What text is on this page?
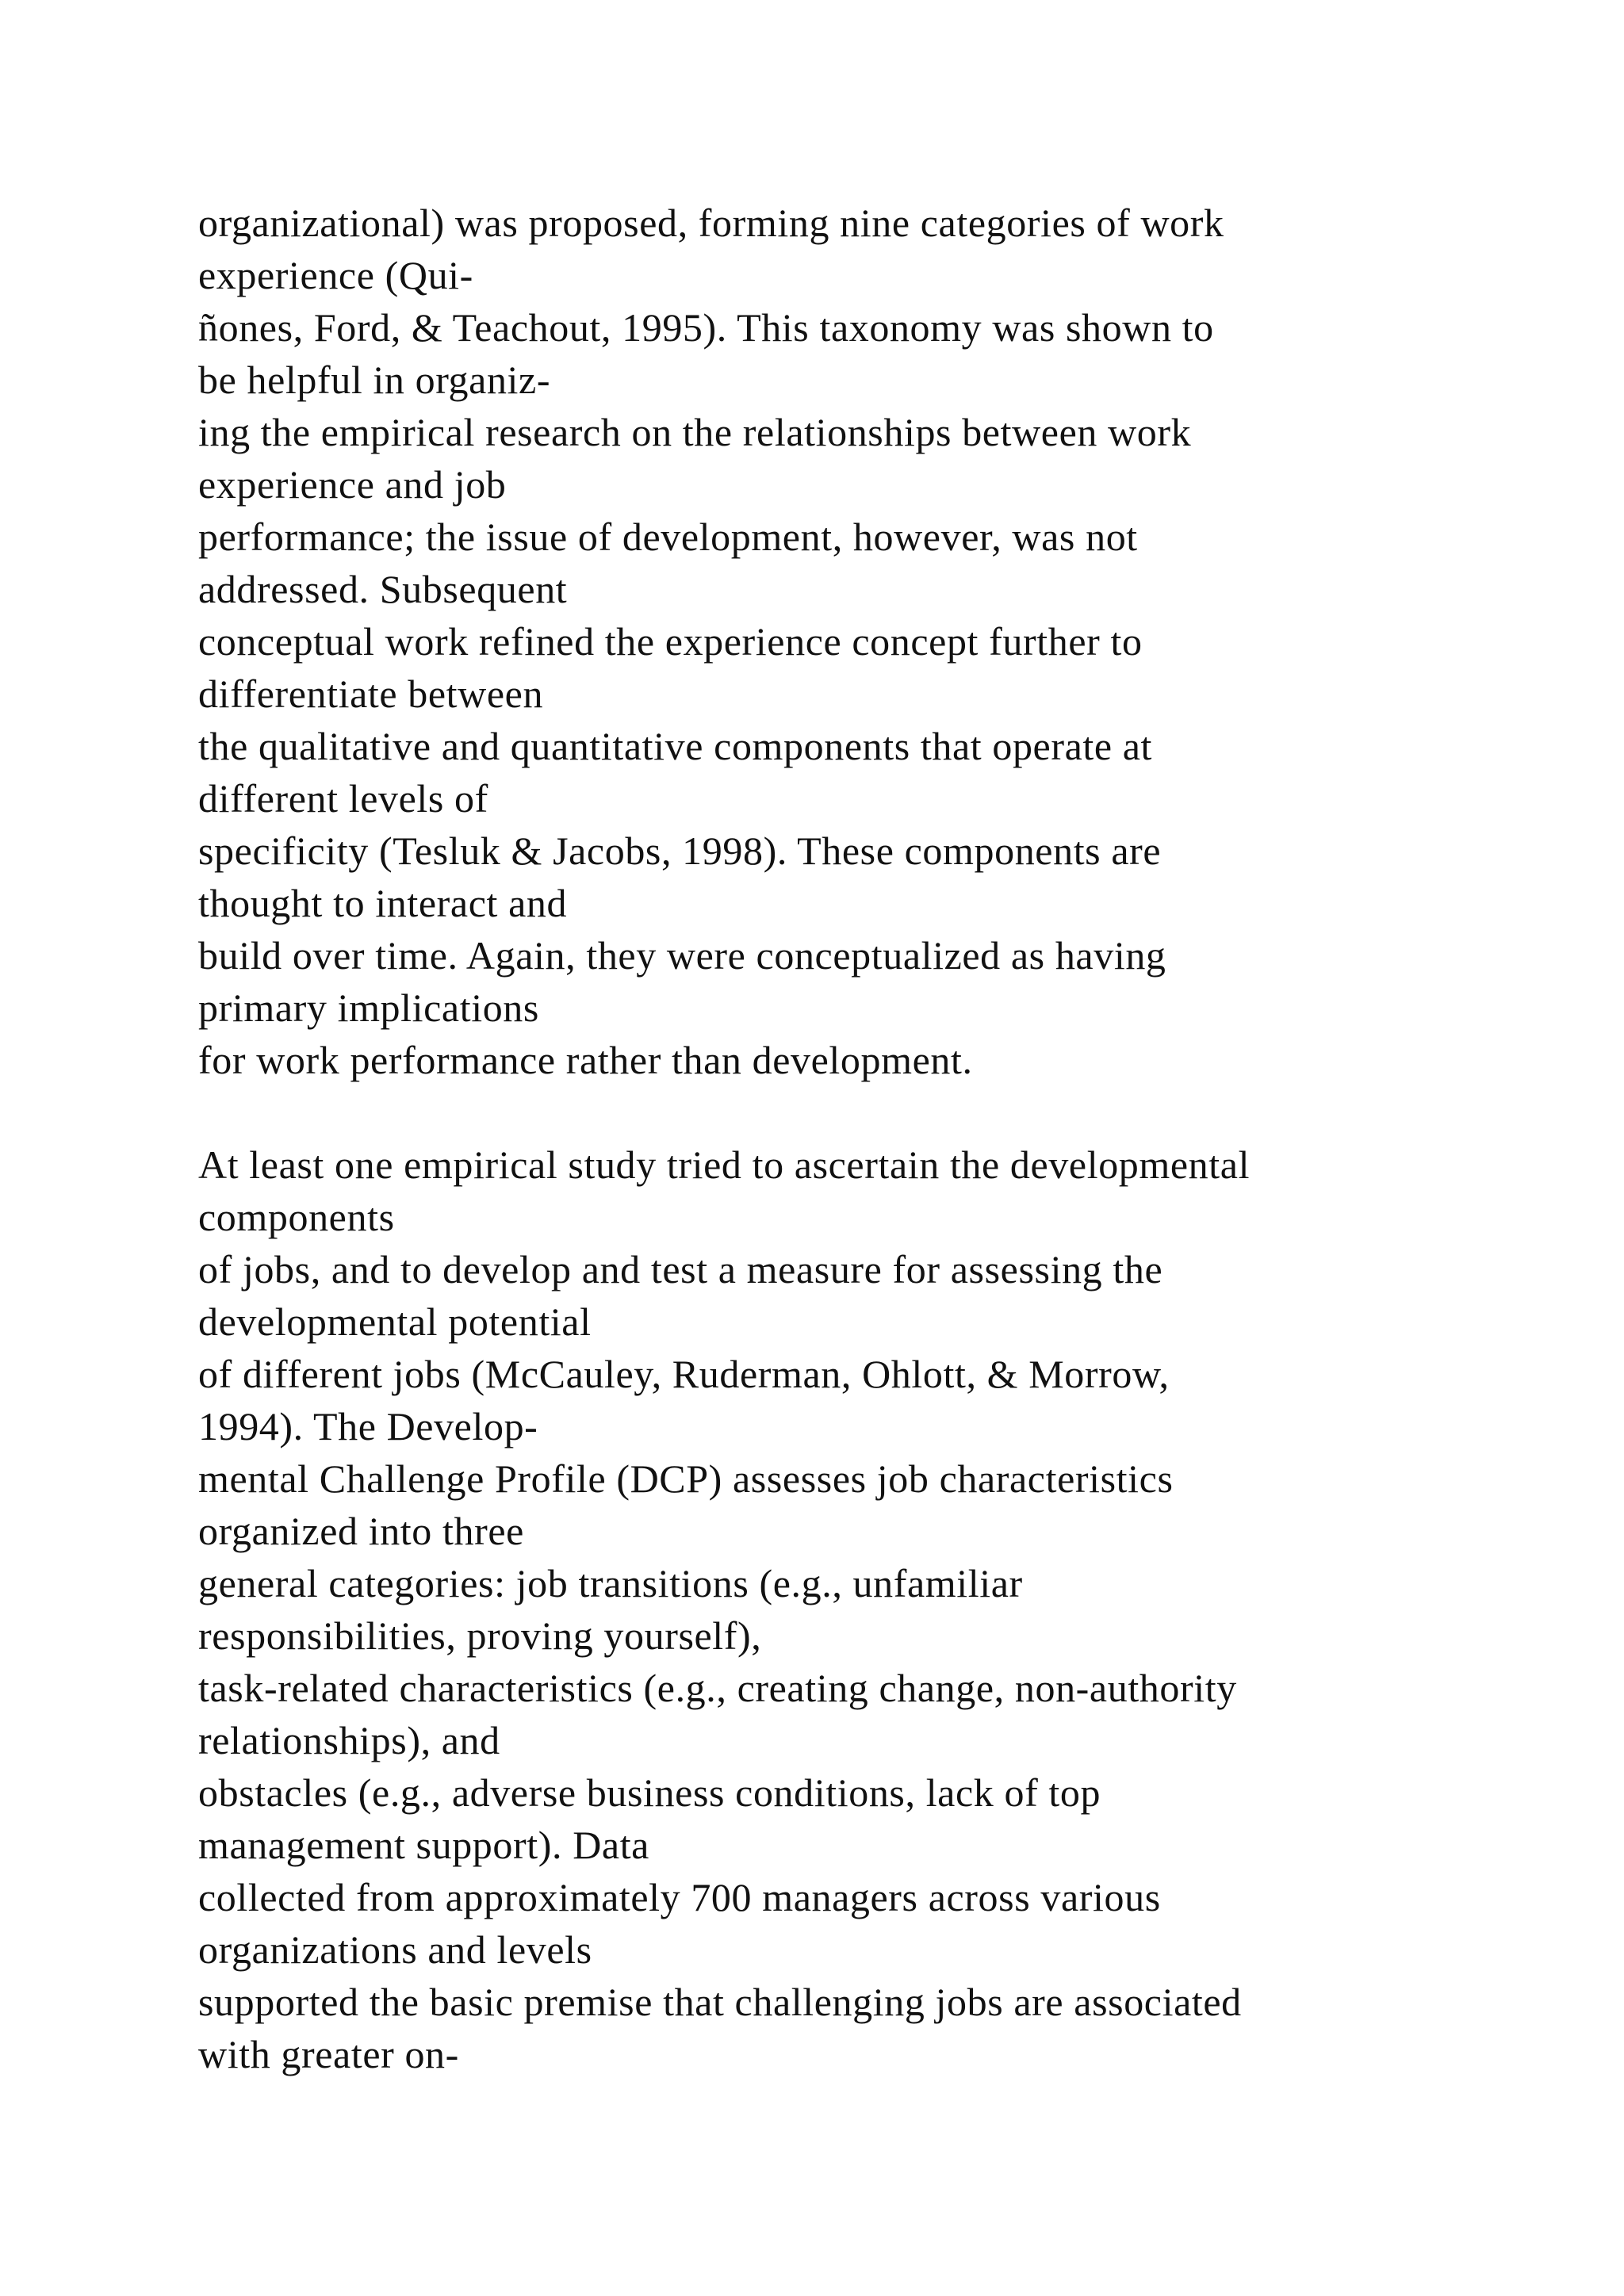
organizational) was proposed, forming nine categories of work
experience (Qui-
ñones, Ford, & Teachout, 1995). This taxonomy was shown to
be helpful in organiz-
ing the empirical research on the relationships between work
experience and job
performance; the issue of development, however, was not
addressed. Subsequent
conceptual work refined the experience concept further to
differentiate between
the qualitative and quantitative components that operate at
different levels of
specificity (Tesluk & Jacobs, 1998). These components are
thought to interact and
build over time. Again, they were conceptualized as having
primary implications
for work performance rather than development.
At least one empirical study tried to ascertain the developmental
components
of jobs, and to develop and test a measure for assessing the
developmental potential
of different jobs (McCauley, Ruderman, Ohlott, & Morrow,
1994). The Develop-
mental Challenge Profile (DCP) assesses job characteristics
organized into three
general categories: job transitions (e.g., unfamiliar
responsibilities, proving yourself),
task-related characteristics (e.g., creating change, non-authority
relationships), and
obstacles (e.g., adverse business conditions, lack of top
management support). Data
collected from approximately 700 managers across various
organizations and levels
supported the basic premise that challenging jobs are associated
with greater on-
